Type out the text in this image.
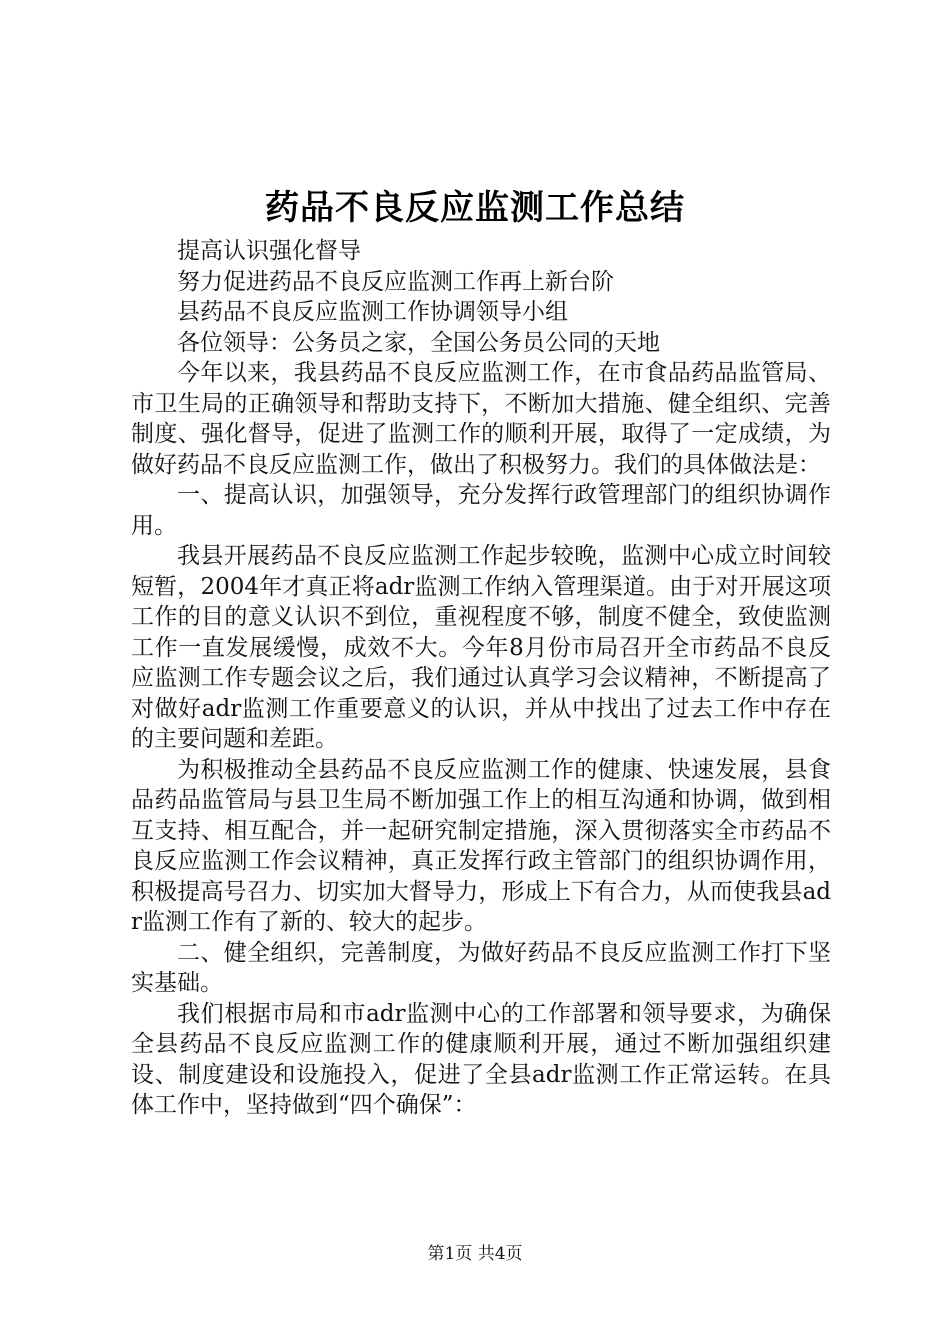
药品不良反应监测工作总结

提高认识强化督导

努力促进药品不良反应监测工作再上新台阶

县药品不良反应监测工作协调领导小组

各位领导：公务员之家，全国公务员公同的天地

今年以来，我县药品不良反应监测工作，在市食品药品监管局、市卫生局的正确领导和帮助支持下，不断加大措施、健全组织、完善制度、强化督导，促进了监测工作的顺利开展，取得了一定成绩，为做好药品不良反应监测工作，做出了积极努力。我们的具体做法是：

一、提高认识，加强领导，充分发挥行政管理部门的组织协调作用。

我县开展药品不良反应监测工作起步较晚，监测中心成立时间较短暂，2004年才真正将adr监测工作纳入管理渠道。由于对开展这项工作的目的意义认识不到位，重视程度不够，制度不健全，致使监测工作一直发展缓慢，成效不大。今年8月份市局召开全市药品不良反应监测工作专题会议之后，我们通过认真学习会议精神，不断提高了对做好adr监测工作重要意义的认识，并从中找出了过去工作中存在的主要问题和差距。

为积极推动全县药品不良反应监测工作的健康、快速发展，县食品药品监管局与县卫生局不断加强工作上的相互沟通和协调，做到相互支持、相互配合，并一起研究制定措施，深入贯彻落实全市药品不良反应监测工作会议精神，真正发挥行政主管部门的组织协调作用，积极提高号召力、切实加大督导力，形成上下有合力，从而使我县adr监测工作有了新的、较大的起步。

二、健全组织，完善制度，为做好药品不良反应监测工作打下坚实基础。

我们根据市局和市adr监测中心的工作部署和领导要求，为确保全县药品不良反应监测工作的健康顺利开展，通过不断加强组织建设、制度建设和设施投入，促进了全县adr监测工作正常运转。在具体工作中，坚持做到“四个确保”：

第1页 共4页
